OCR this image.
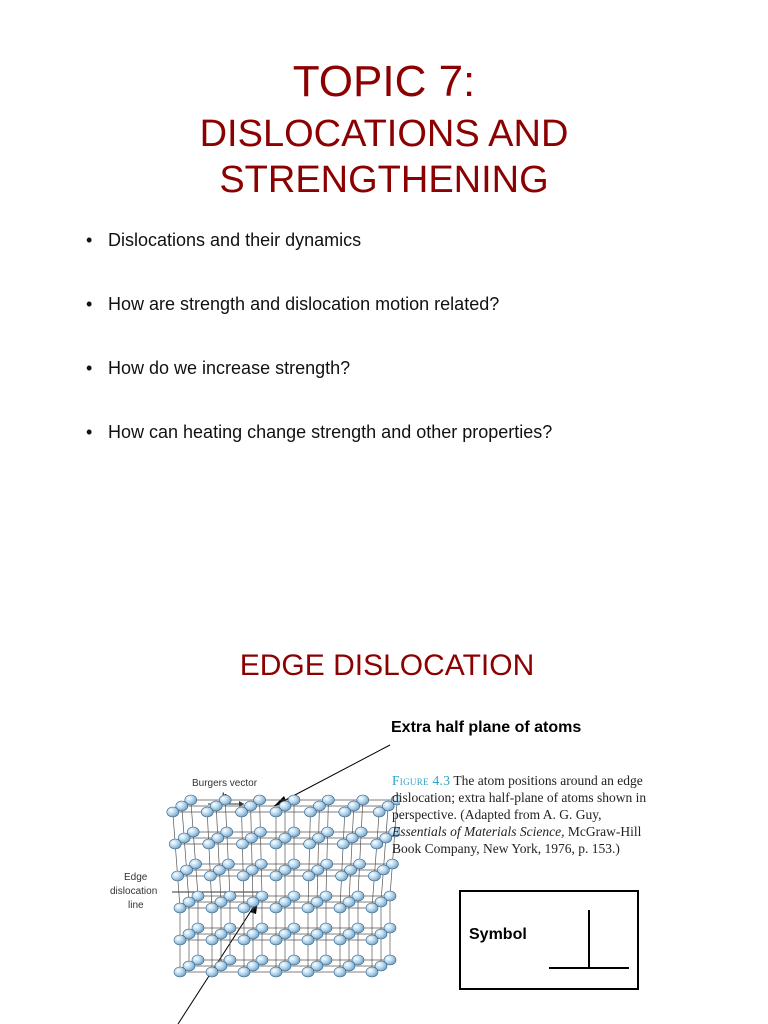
TOPIC 7:
DISLOCATIONS AND
STRENGTHENING
• Dislocations and their dynamics
• How are strength and dislocation motion related?
• How do we increase strength?
• How can heating change strength and other properties?
EDGE DISLOCATION
Extra half plane of atoms
Burgers vector
Edge
dislocation
line
Figure 4.3 The atom positions around an edge dislocation; extra half-plane of atoms shown in perspective. (Adapted from A. G. Guy, Essentials of Materials Science, McGraw-Hill Book Company, New York, 1976, p. 153.)
Symbol
